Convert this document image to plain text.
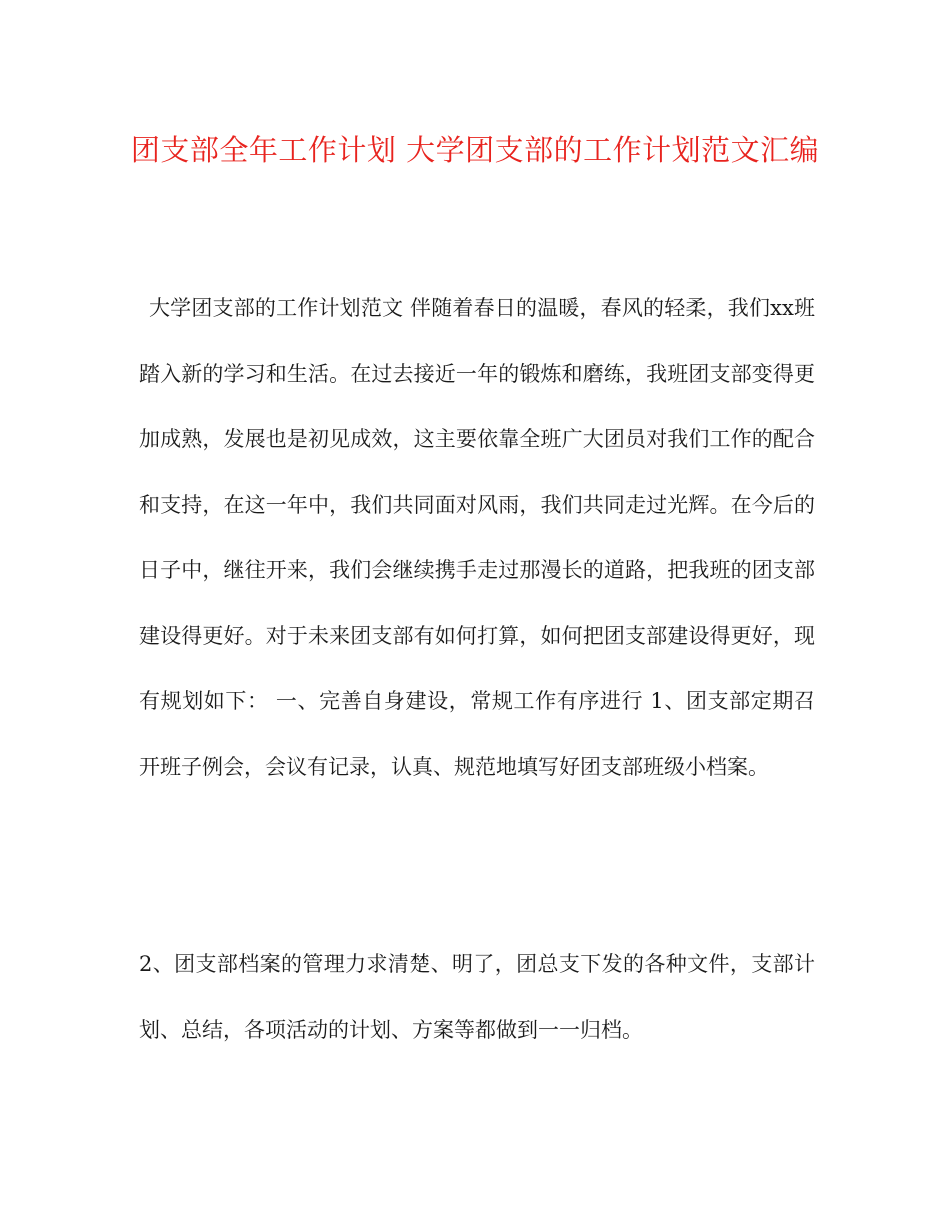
团支部全年工作计划 大学团支部的工作计划范文汇编

大学团支部的工作计划范文 伴随着春日的温暖，春风的轻柔，我们xx班踏入新的学习和生活。在过去接近一年的锻炼和磨练，我班团支部变得更加成熟，发展也是初见成效，这主要依靠全班广大团员对我们工作的配合和支持，在这一年中，我们共同面对风雨，我们共同走过光辉。在今后的日子中，继往开来，我们会继续携手走过那漫长的道路，把我班的团支部建设得更好。对于未来团支部有如何打算，如何把团支部建设得更好，现有规划如下： 一、完善自身建设，常规工作有序进行 1、团支部定期召开班子例会，会议有记录，认真、规范地填写好团支部班级小档案。

2、团支部档案的管理力求清楚、明了，团总支下发的各种文件，支部计划、总结，各项活动的计划、方案等都做到一一归档。
